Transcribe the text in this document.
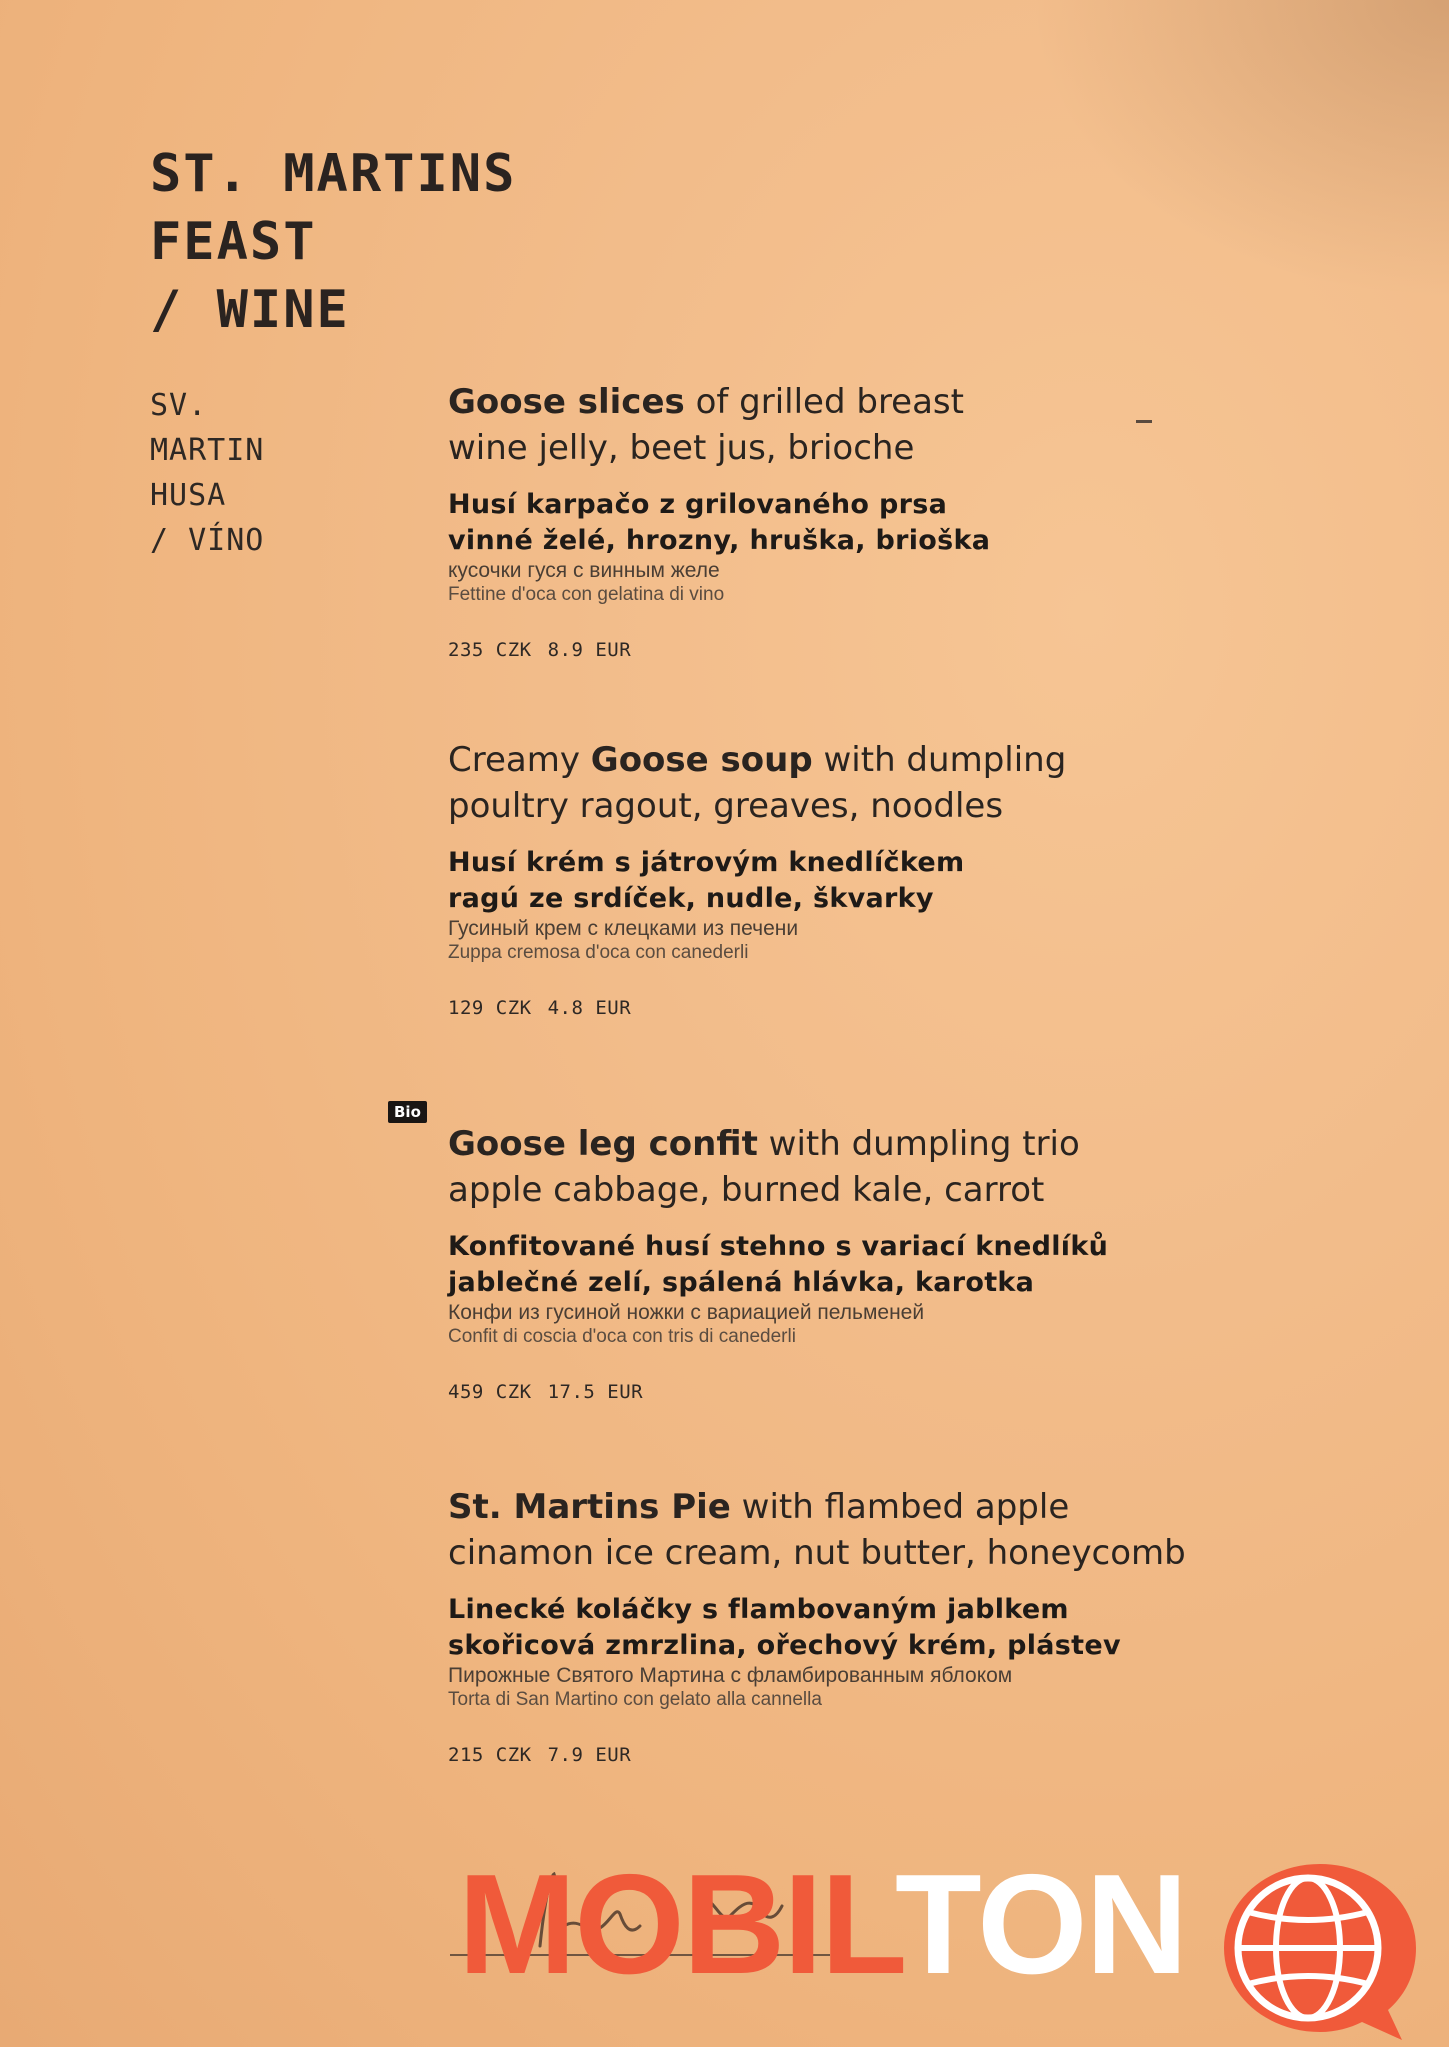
ST. MARTINS
FEAST
/ WINE
SV.
MARTIN
HUSA
/ VÍNO
Goose slices of grilled breast
wine jelly, beet jus, brioche
Husí karpačo z grilovaného prsa
vinné želé, hrozny, hruška, brioška
кусочки гуся с винным желе
Fettine d'oca con gelatina di vino
235 CZK 8.9 EUR
Creamy Goose soup with dumpling
poultry ragout, greaves, noodles
Husí krém s játrovým knedlíčkem
ragú ze srdíček, nudle, škvarky
Гусиный крем с клецками из печени
Zuppa cremosa d'oca con canederli
129 CZK 4.8 EUR
Bio
Goose leg confit with dumpling trio
apple cabbage, burned kale, carrot
Konfitované husí stehno s variací knedlíků
jablečné zelí, spálená hlávka, karotka
Конфи из гусиной ножки с вариацией пельменей
Confit di coscia d'oca con tris di canederli
459 CZK 17.5 EUR
St. Martins Pie with flambed apple
cinamon ice cream, nut butter, honeycomb
Linecké koláčky s flambovaným jablkem
skořicová zmrzlina, ořechový krém, plástev
Пирожные Святого Мартина с фламбированным яблоком
Torta di San Martino con gelato alla cannella
215 CZK 7.9 EUR
MOBILTON
